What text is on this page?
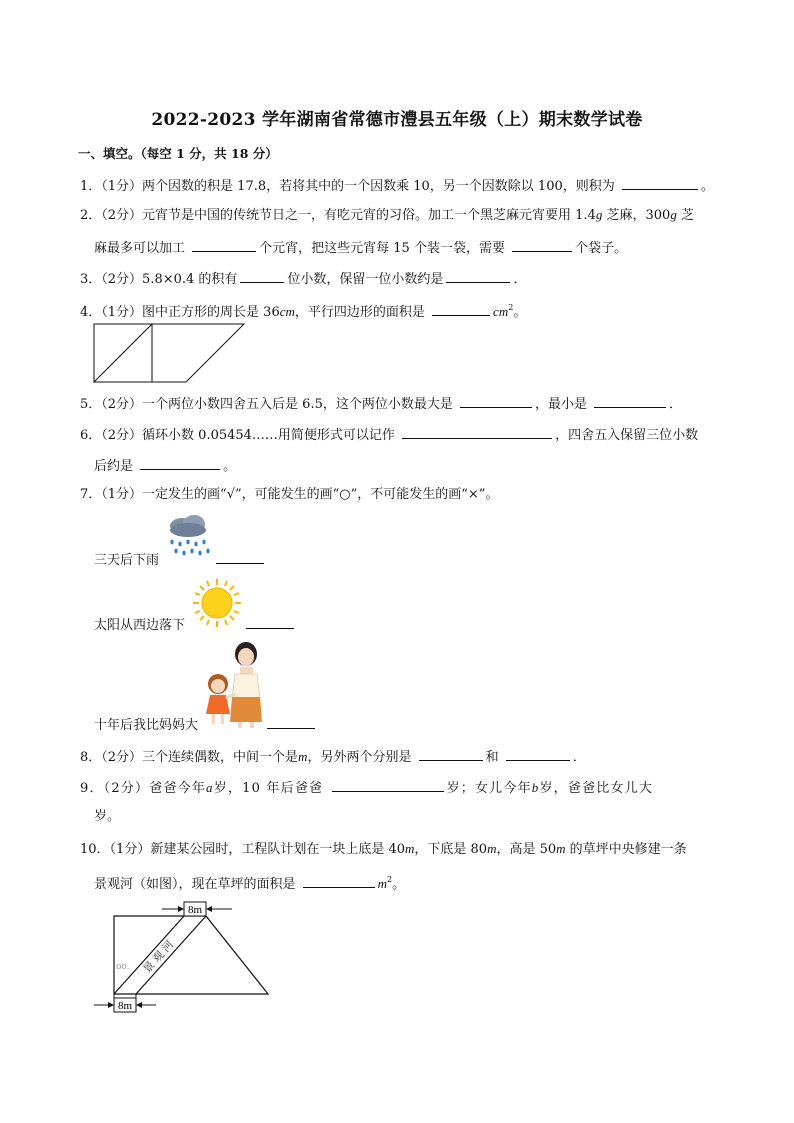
2022-2023 学年湖南省常德市澧县五年级（上）期末数学试卷
一、填空。（每空 1 分，共 18 分）
1．（1分）两个因数的积是 17.8，若将其中的一个因数乘 10，另一个因数除以 100，则积为	。
2．（2分）元宵节是中国的传统节日之一，有吃元宵的习俗。加工一个黑芝麻元宵要用 1.4g 芝麻，300g 芝
麻最多可以加工	个元宵，把这些元宵每 15 个装一袋，需要	个袋子。
3．（2分）5.8×0.4 的积有	位小数，保留一位小数约是	．
4．（1分）图中正方形的周长是 36cm，平行四边形的面积是	$cm^2$。
5．（2分）一个两位小数四舍五入后是 6.5，这个两位小数最大是	，最小是	．
6．（2分）循环小数 0.05454……用简便形式可以记作	，四舍五入保留三位小数
后约是	。
7．（1分）一定发生的画“√”，可能发生的画“○”，不可能发生的画“×”。
三天后下雨
太阳从西边落下
十年后我比妈妈大
8．（2分）三个连续偶数，中间一个是m，另外两个分别是	和	．
9．（2分）爸爸今年a岁，10 年后爸爸	岁；女儿今年b岁，爸爸比女儿大
岁。
10．（1分）新建某公园时，工程队计划在一块上底是 40m，下底是 80m，高是 50m 的草坪中央修建一条
景观河（如图），现在草坪的面积是	$m^2$。
8m
8m
oo. 景观河
